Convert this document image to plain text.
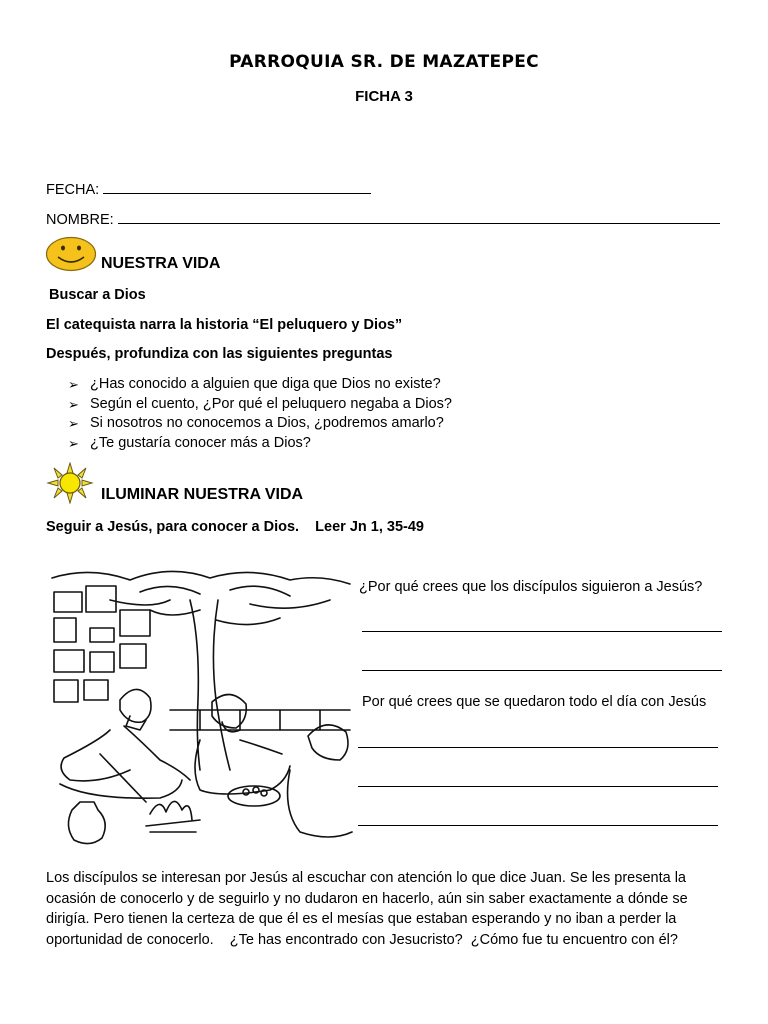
PARROQUIA SR. DE MAZATEPEC
FICHA 3
FECHA:
NOMBRE:
NUESTRA VIDA
Buscar a Dios
El catequista narra la historia “El peluquero y Dios”
Después, profundiza con las siguientes preguntas
➢ ¿Has conocido a alguien que diga que Dios no existe?
➢ Según el cuento, ¿Por qué el peluquero negaba a Dios?
➢ Si nosotros no conocemos a Dios, ¿podremos amarlo?
➢ ¿Te gustaría conocer más a Dios?
ILUMINAR NUESTRA VIDA
Seguir a Jesús, para conocer a Dios.    Leer Jn 1, 35-49
¿Por qué crees que los discípulos siguieron a Jesús?
Por qué crees que se quedaron todo el día con Jesús
Los discípulos se interesan por Jesús al escuchar con atención lo que dice Juan. Se les presenta la ocasión de conocerlo y de seguirlo y no dudaron en hacerlo, aún sin saber exactamente a dónde se dirigía. Pero tienen la certeza de que él es el mesías que estaban esperando y no iban a perder la oportunidad de conocerlo.    ¿Te has encontrado con Jesucristo?  ¿Cómo fue tu encuentro con él?
